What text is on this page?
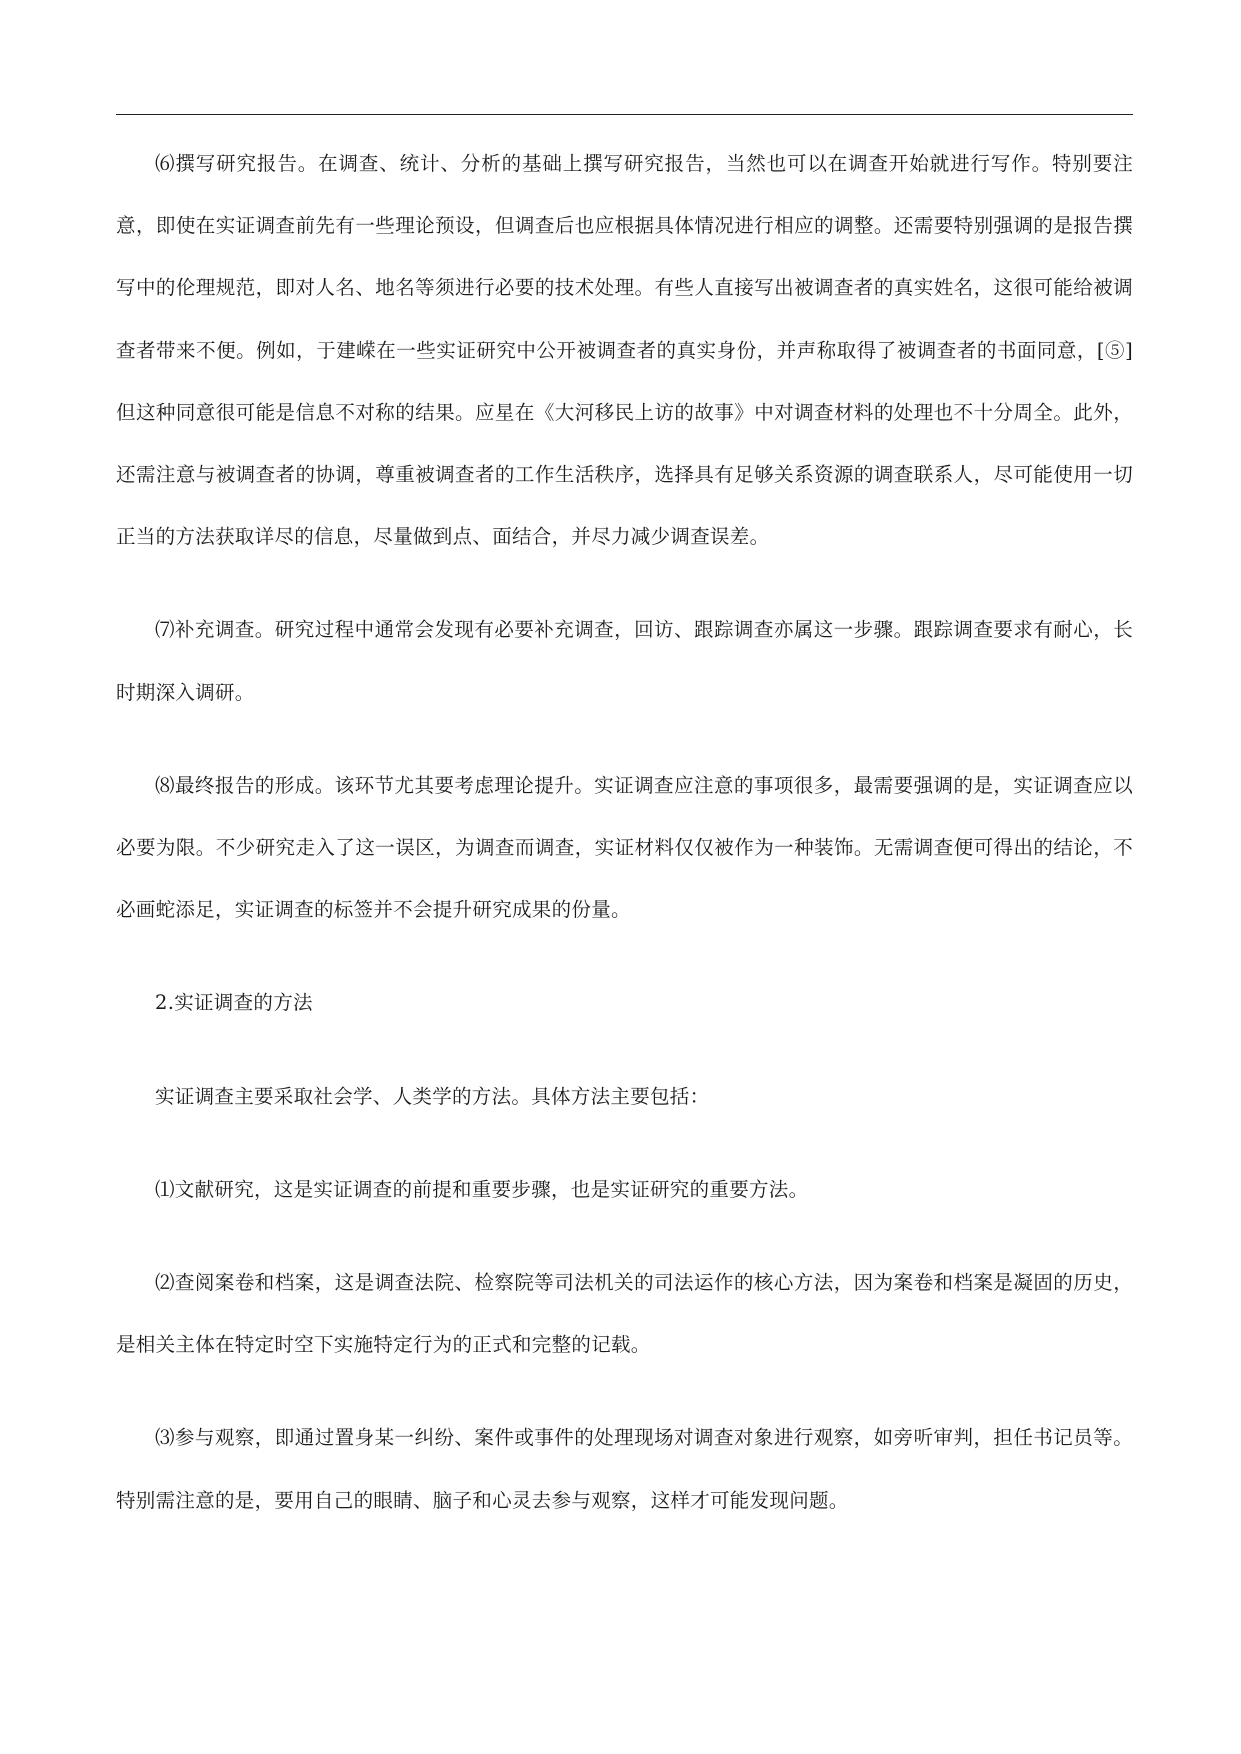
⑹撰写研究报告。在调查、统计、分析的基础上撰写研究报告，当然也可以在调查开始就进行写作。特别要注意，即使在实证调查前先有一些理论预设，但调查后也应根据具体情况进行相应的调整。还需要特别强调的是报告撰写中的伦理规范，即对人名、地名等须进行必要的技术处理。有些人直接写出被调查者的真实姓名，这很可能给被调查者带来不便。例如，于建嵘在一些实证研究中公开被调查者的真实身份，并声称取得了被调查者的书面同意，[⑤]但这种同意很可能是信息不对称的结果。应星在《大河移民上访的故事》中对调查材料的处理也不十分周全。此外，还需注意与被调查者的协调，尊重被调查者的工作生活秩序，选择具有足够关系资源的调查联系人，尽可能使用一切正当的方法获取详尽的信息，尽量做到点、面结合，并尽力减少调查误差。

⑺补充调查。研究过程中通常会发现有必要补充调查，回访、跟踪调查亦属这一步骤。跟踪调查要求有耐心，长时期深入调研。

⑻最终报告的形成。该环节尤其要考虑理论提升。实证调查应注意的事项很多，最需要强调的是，实证调查应以必要为限。不少研究走入了这一误区，为调查而调查，实证材料仅仅被作为一种装饰。无需调查便可得出的结论，不必画蛇添足，实证调查的标签并不会提升研究成果的份量。

2.实证调查的方法

实证调查主要采取社会学、人类学的方法。具体方法主要包括：

⑴文献研究，这是实证调查的前提和重要步骤，也是实证研究的重要方法。

⑵查阅案卷和档案，这是调查法院、检察院等司法机关的司法运作的核心方法，因为案卷和档案是凝固的历史，是相关主体在特定时空下实施特定行为的正式和完整的记载。

⑶参与观察，即通过置身某一纠纷、案件或事件的处理现场对调查对象进行观察，如旁听审判，担任书记员等。特别需注意的是，要用自己的眼睛、脑子和心灵去参与观察，这样才可能发现问题。
